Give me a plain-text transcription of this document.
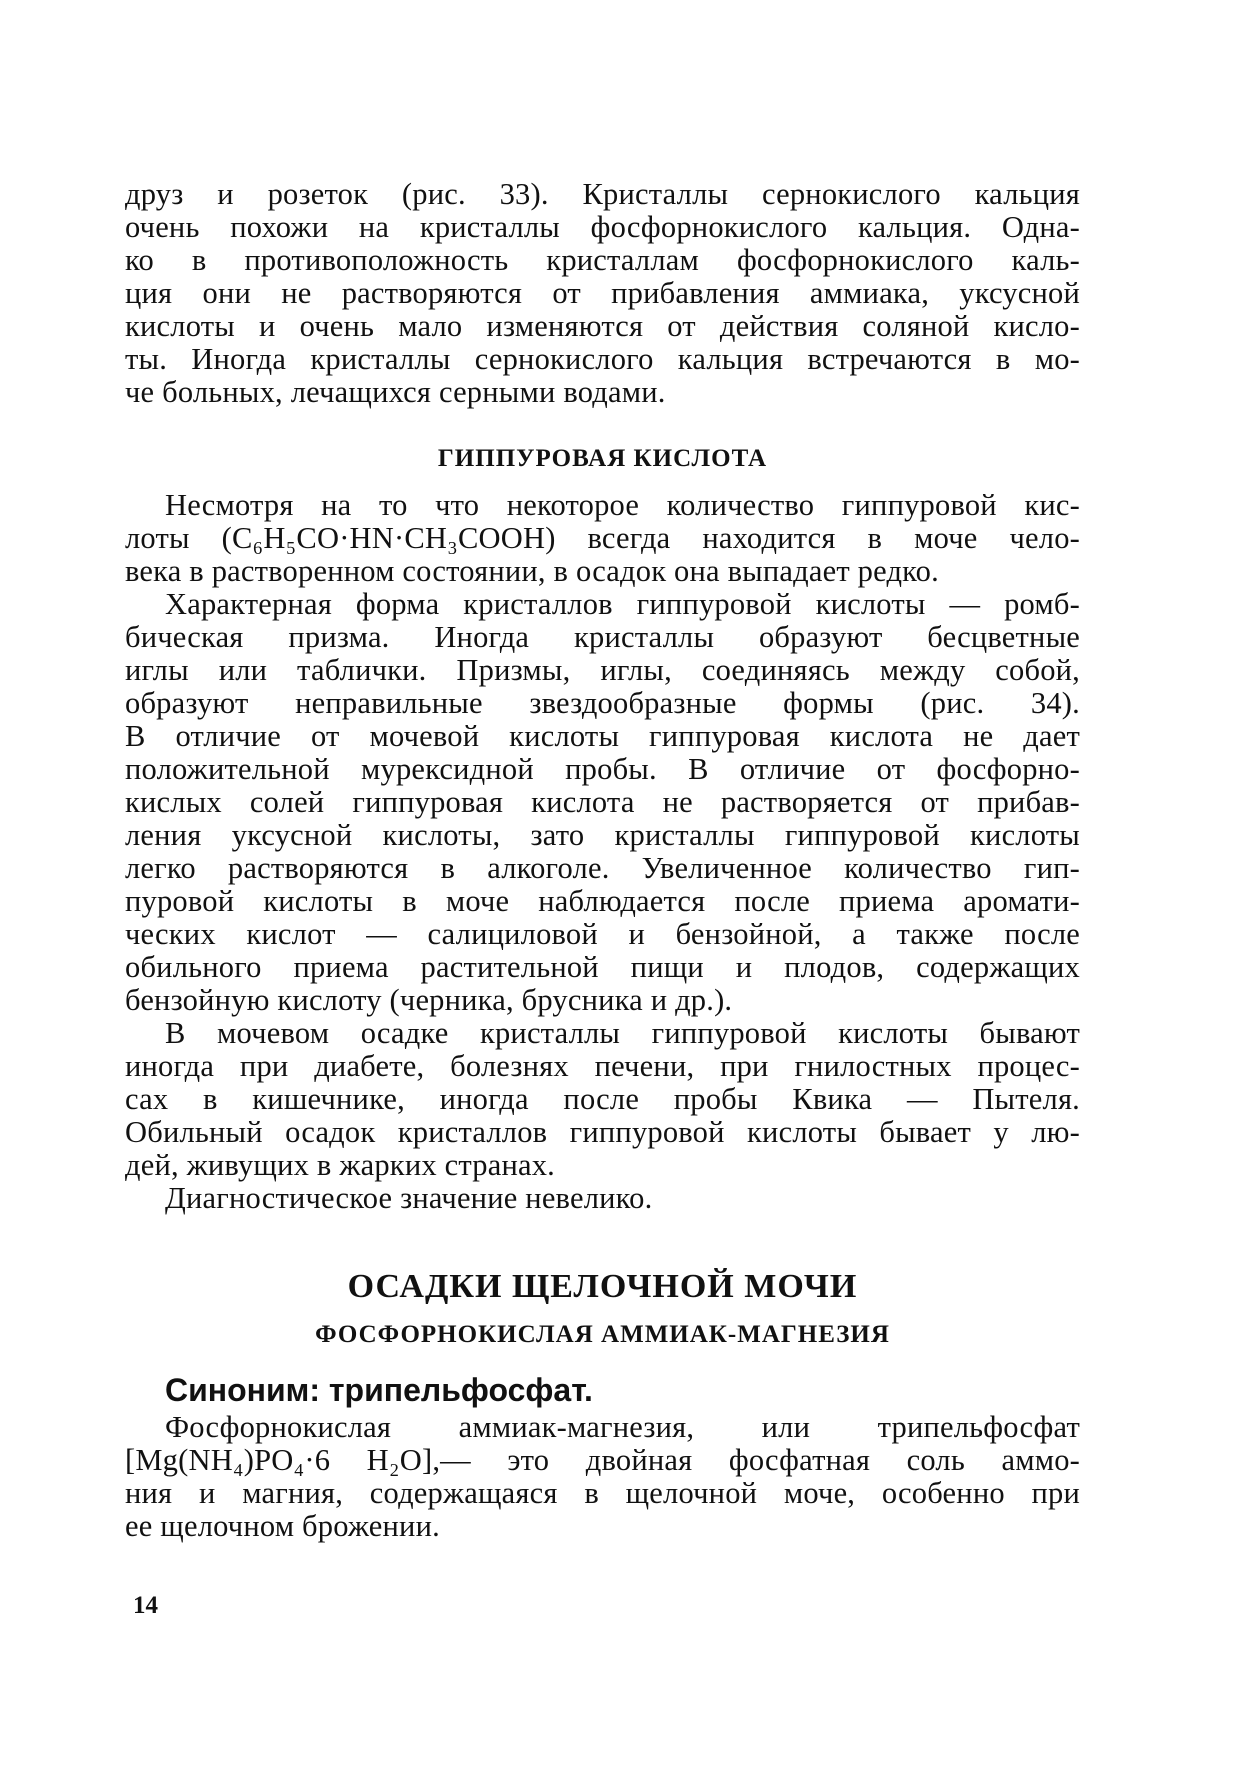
друз и розеток (рис. 33). Кристаллы сернокислого кальция
очень похожи на кристаллы фосфорнокислого кальция. Одна-
ко в противоположность кристаллам фосфорнокислого каль-
ция они не растворяются от прибавления аммиака, уксусной
кислоты и очень мало изменяются от действия соляной кисло-
ты. Иногда кристаллы сернокислого кальция встречаются в мо-
че больных, лечащихся серными водами.
ГИППУРОВАЯ КИСЛОТА
Несмотря на то что некоторое количество гиппуровой кис-
лоты (C₆H₅CO·HN·CH₃COOH) всегда находится в моче чело-
века в растворенном состоянии, в осадок она выпадает редко.
Характерная форма кристаллов гиппуровой кислоты — ромб-
бическая призма. Иногда кристаллы образуют бесцветные
иглы или таблички. Призмы, иглы, соединяясь между собой,
образуют неправильные звездообразные формы (рис. 34).
В отличие от мочевой кислоты гиппуровая кислота не дает
положительной мурексидной пробы. В отличие от фосфорно-
кислых солей гиппуровая кислота не растворяется от прибав-
ления уксусной кислоты, зато кристаллы гиппуровой кислоты
легко растворяются в алкоголе. Увеличенное количество гип-
пуровой кислоты в моче наблюдается после приема аромати-
ческих кислот — салициловой и бензойной, а также после
обильного приема растительной пищи и плодов, содержащих
бензойную кислоту (черника, брусника и др.).
В мочевом осадке кристаллы гиппуровой кислоты бывают
иногда при диабете, болезнях печени, при гнилостных процес-
сах в кишечнике, иногда после пробы Квика — Пытеля.
Обильный осадок кристаллов гиппуровой кислоты бывает у лю-
дей, живущих в жарких странах.
Диагностическое значение невелико.
ОСАДКИ ЩЕЛОЧНОЙ МОЧИ
ФОСФОРНОКИСЛАЯ АММИАК-МАГНЕЗИЯ

Синоним: трипельфосфат.

Фосфорнокислая аммиак-магнезия, или трипельфосфат
[Mg(NH₄)PO₄·6 H₂O],— это двойная фосфатная соль аммо-
ния и магния, содержащаяся в щелочной моче, особенно при
ее щелочном брожении.
14
